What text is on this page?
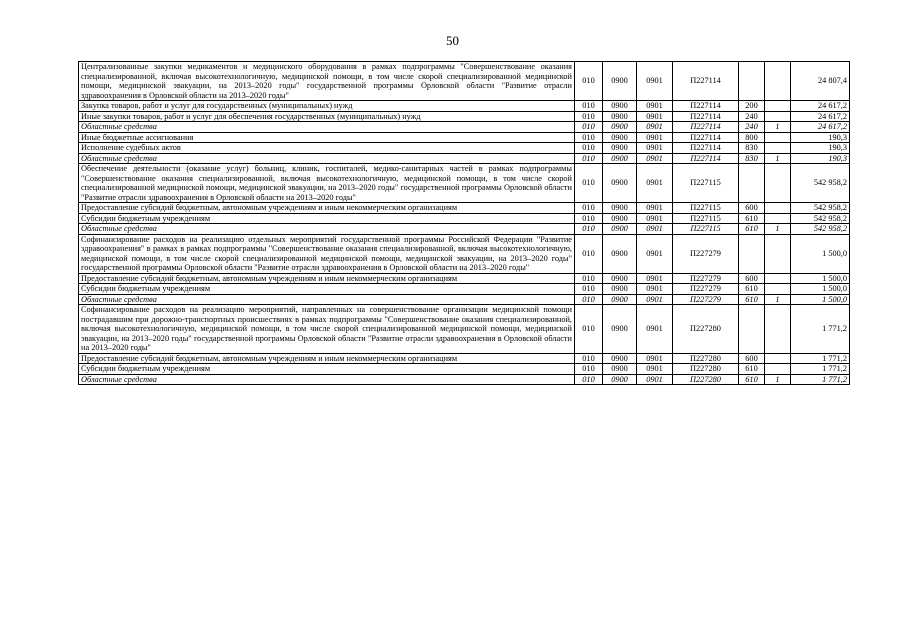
50
Централизованные закупки медикаментов и медицинского оборудования в рамках подпрограммы "Совершенствование оказания специализированной, включая высокотехнологичную, медицинской помощи, в том числе скорой специализированной медицинской помощи, медицинской эвакуации, на 2013–2020 годы" государственной программы Орловской области "Развитие отрасли здравоохранения в Орловской области на 2013–2020 годы"	010	0900	0901	П227114			24 807,4
Закупка товаров, работ и услуг для государственных (муниципальных) нужд	010	0900	0901	П227114	200		24 617,2
Иные закупки товаров, работ и услуг для обеспечения государственных (муниципальных) нужд	010	0900	0901	П227114	240		24 617,2
Областные средства	010	0900	0901	П227114	240	1	24 617,2
Иные бюджетные ассигнования	010	0900	0901	П227114	800		190,3
Исполнение судебных актов	010	0900	0901	П227114	830		190,3
Областные средства	010	0900	0901	П227114	830	1	190,3
Обеспечение деятельности (оказание услуг) больниц, клиник, госпиталей, медико-санитарных частей в рамках подпрограммы "Совершенствование оказания специализированной, включая высокотехнологичную, медицинской помощи, в том числе скорой специализированной медицинской помощи, медицинской эвакуации, на 2013–2020 годы" государственной программы Орловской области "Развитие отрасли здравоохранения в Орловской области на 2013–2020 годы"	010	0900	0901	П227115			542 958,2
Предоставление субсидий бюджетным, автономным учреждениям и иным некоммерческим организациям	010	0900	0901	П227115	600		542 958,2
Субсидии бюджетным учреждениям	010	0900	0901	П227115	610		542 958,2
Областные средства	010	0900	0901	П227115	610	1	542 958,2
Софинансирование расходов на реализацию отдельных мероприятий государственной программы Российской Федерации "Развитие здравоохранения" в рамках в рамках подпрограммы "Совершенствование оказания специализированной, включая высокотехнологичную, медицинской помощи, в том числе скорой специализированной медицинской помощи, медицинской эвакуации, на 2013–2020 годы" государственной программы Орловской области "Развитие отрасли здравоохранения в Орловской области на 2013–2020 годы"	010	0900	0901	П227279			1 500,0
Предоставление субсидий бюджетным, автономным учреждениям и иным некоммерческим организациям	010	0900	0901	П227279	600		1 500,0
Субсидии бюджетным учреждениям	010	0900	0901	П227279	610		1 500,0
Областные средства	010	0900	0901	П227279	610	1	1 500,0
Софинансирование расходов на реализацию мероприятий, направленных на совершенствование организации медицинской помощи пострадавшим при дорожно-транспортных происшествиях в рамках подпрограммы "Совершенствование оказания специализированной, включая высокотехнологичную, медицинской помощи, в том числе скорой специализированной медицинской помощи, медицинской эвакуации, на 2013–2020 годы" государственной программы Орловской области "Развитие отрасли здравоохранения в Орловской области на 2013–2020 годы"	010	0900	0901	П227280			1 771,2
Предоставление субсидий бюджетным, автономным учреждениям и иным некоммерческим организациям	010	0900	0901	П227280	600		1 771,2
Субсидии бюджетным учреждениям	010	0900	0901	П227280	610		1 771,2
Областные средства	010	0900	0901	П227280	610	1	1 771,2
